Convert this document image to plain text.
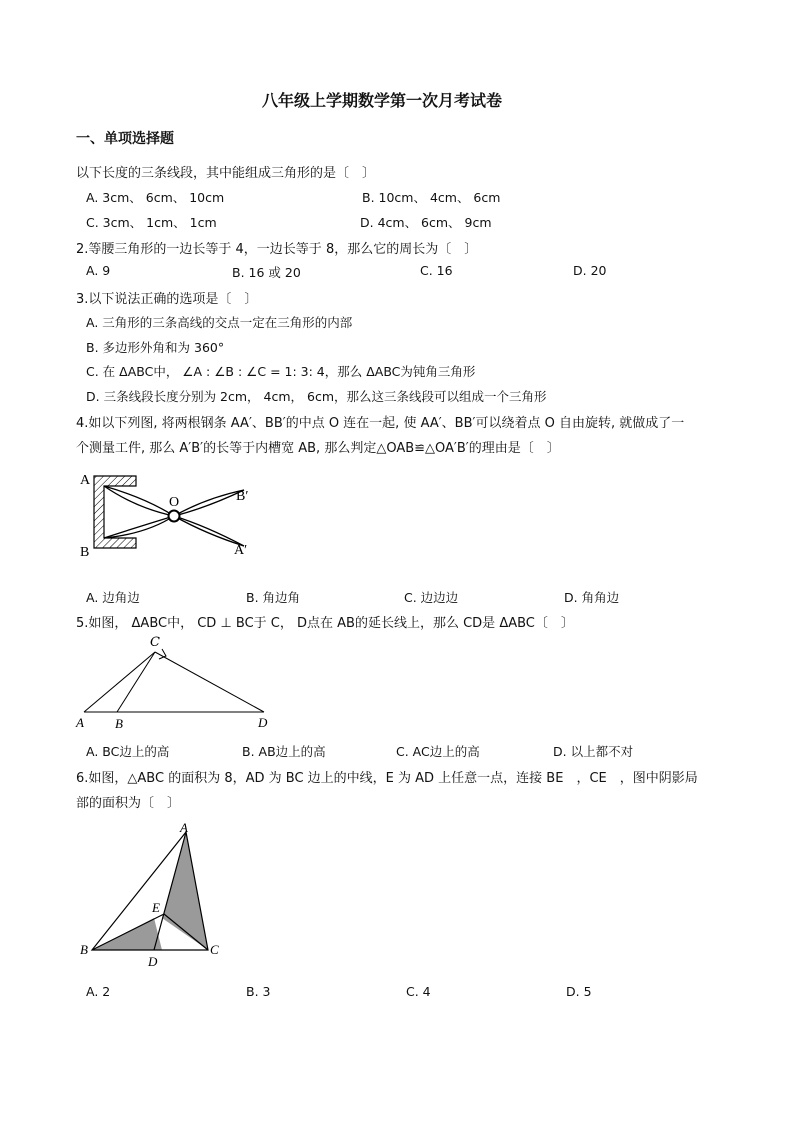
八年级上学期数学第一次月考试卷
一、单项选择题
以下长度的三条线段，其中能组成三角形的是〔　〕
A. 3cm、 6cm、 10cm	B. 10cm、 4cm、 6cm
C. 3cm、 1cm、 1cm	D. 4cm、 6cm、 9cm
2.等腰三角形的一边长等于 4，一边长等于 8，那么它的周长为〔　〕
A. 9	B. 16 或 20	C. 16	D. 20
3.以下说法正确的选项是〔　〕
A. 三角形的三条高线的交点一定在三角形的内部
B. 多边形外角和为 360°
C. 在 ΔABC中， ∠A : ∠B : ∠C = 1: 3: 4，那么 ΔABC为钝角三角形
D. 三条线段长度分别为 2cm， 4cm， 6cm，那么这三条线段可以组成一个三角形
4.如以下列图, 将两根钢条 AA′、BB′的中点 O 连在一起, 使 AA′、BB′可以绕着点 O 自由旋转, 就做成了一
个测量工件, 那么 A′B′的长等于内槽宽 AB, 那么判定△OAB≌△OA′B′的理由是〔　〕
A
B
O	B′
A′
A. 边角边	B. 角边角	C. 边边边	D. 角角边
5.如图， ΔABC中， CD ⊥ BC于 C， D点在 AB的延长线上，那么 CD是 ΔABC〔　〕
C
A B	D
A. BC边上的高	B. AB边上的高	C. AC边上的高	D. 以上都不对
6.如图，△ABC 的面积为 8，AD 为 BC 边上的中线，E 为 AD 上任意一点，连接 BE　，CE　，图中阴影局
部的面积为〔　〕
A
B	C
D
E
A. 2	B. 3	C. 4	D. 5
